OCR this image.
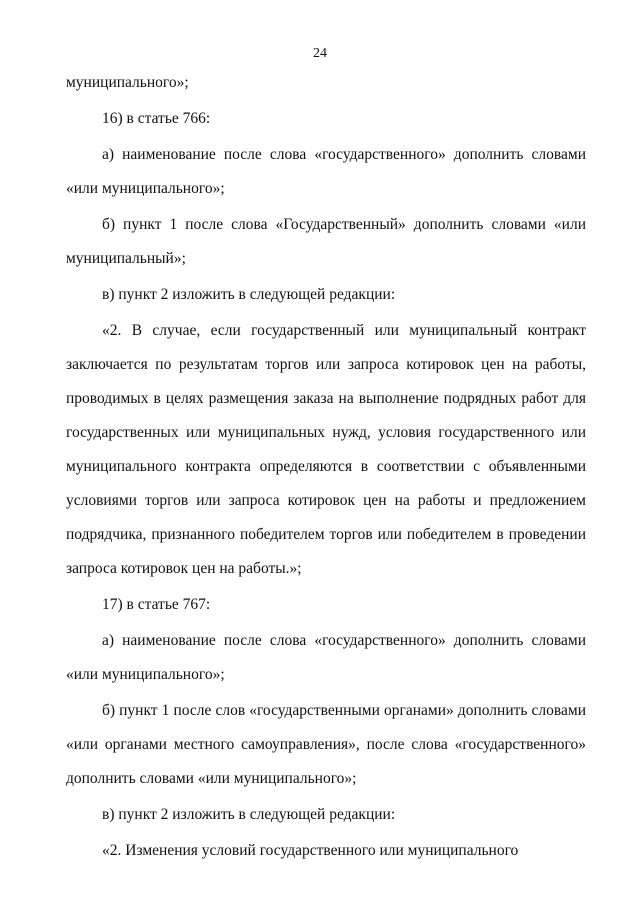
24

муниципального»;

16) в статье 766:

а) наименование после слова «государственного» дополнить словами «или муниципального»;

б) пункт 1 после слова «Государственный» дополнить словами «или муниципальный»;

в) пункт 2 изложить в следующей редакции:

«2. В случае, если государственный или муниципальный контракт заключается по результатам торгов или запроса котировок цен на работы, проводимых в целях размещения заказа на выполнение подрядных работ для государственных или муниципальных нужд, условия государственного или муниципального контракта определяются в соответствии с объявленными условиями торгов или запроса котировок цен на работы и предложением подрядчика, признанного победителем торгов или победителем в проведении запроса котировок цен на работы.»;

17) в статье 767:

а) наименование после слова «государственного» дополнить словами «или муниципального»;

б) пункт 1 после слов «государственными органами» дополнить словами «или органами местного самоуправления», после слова «государственного» дополнить словами «или муниципального»;

в) пункт 2 изложить в следующей редакции:

«2. Изменения условий государственного или муниципального
